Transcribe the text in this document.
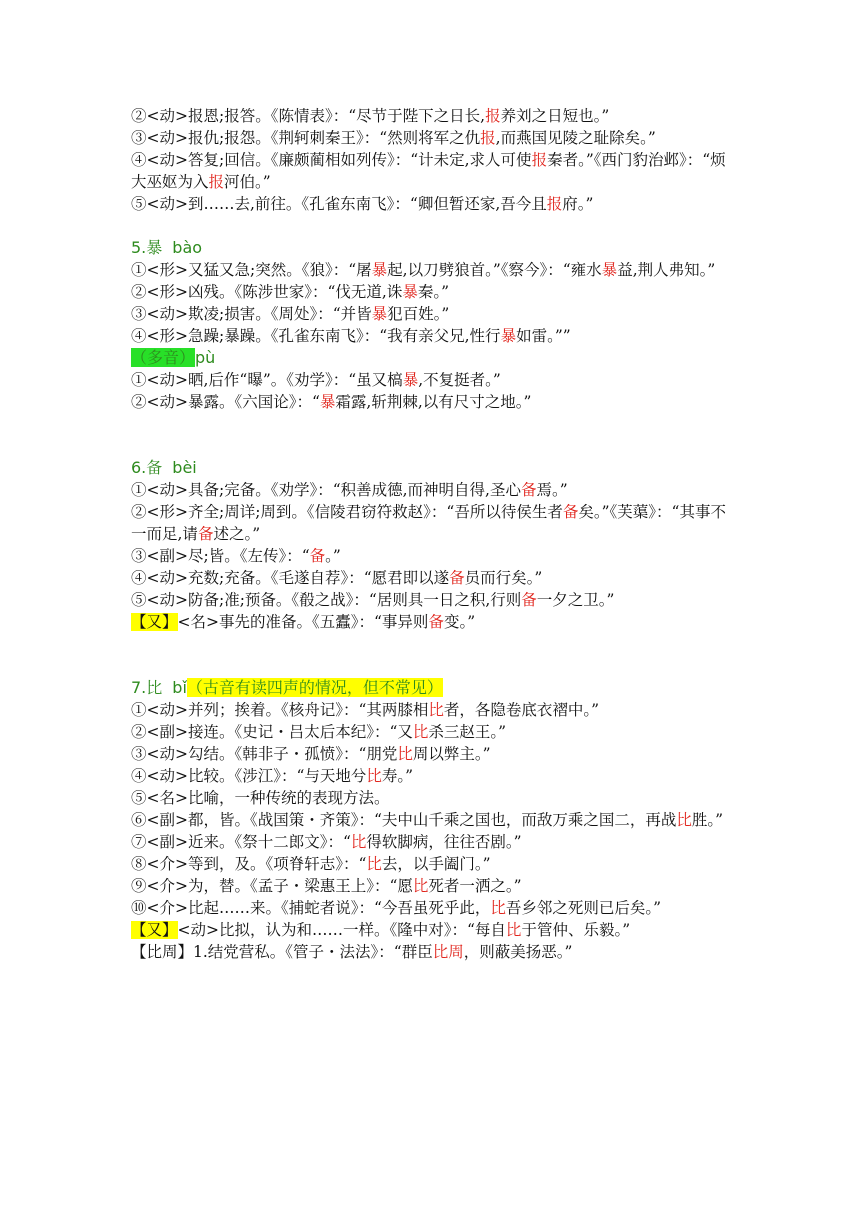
②<动>报恩;报答。《陈情表》：“尽节于陛下之日长,报养刘之日短也。”
③<动>报仇;报怨。《荆轲刺秦王》：“然则将军之仇报,而燕国见陵之耻除矣。”
④<动>答复;回信。《廉颇蔺相如列传》：“计未定,求人可使报秦者。”《西门豹治邺》：“烦大巫妪为入报河伯。”
⑤<动>到……去,前往。《孔雀东南飞》：“卿但暂还家,吾今且报府。”
5.暴 bào
①<形>又猛又急;突然。《狼》：“屠暴起,以刀劈狼首。”《察今》：“雍水暴益,荆人弗知。”
②<形>凶残。《陈涉世家》：“伐无道,诛暴秦。”
③<动>欺凌;损害。《周处》：“并皆暴犯百姓。”
④<形>急躁;暴躁。《孔雀东南飞》：“我有亲父兄,性行暴如雷。””
（多音）pù
①<动>晒,后作“曝”。《劝学》：“虽又槁暴,不复挺者。”
②<动>暴露。《六国论》：“暴霜露,斩荆棘,以有尺寸之地。”
6.备 bèi
①<动>具备;完备。《劝学》：“积善成德,而神明自得,圣心备焉。”
②<形>齐全;周详;周到。《信陵君窃符救赵》：“吾所以待侯生者备矣。”《芙蕖》：“其事不一而足,请备述之。”
③<副>尽;皆。《左传》：“备。”
④<动>充数;充备。《毛遂自荐》：“愿君即以遂备员而行矣。”
⑤<动>防备;准;预备。《殽之战》：“居则具一日之积,行则备一夕之卫。”
【又】<名>事先的准备。《五蠹》：“事异则备变。”
7.比 bǐ（古音有读四声的情况，但不常见）
①<动>并列；挨着。《核舟记》：“其两膝相比者，各隐卷底衣褶中。”
②<副>接连。《史记・吕太后本纪》：“又比杀三赵王。”
③<动>勾结。《韩非子・孤愤》：“朋党比周以弊主。”
④<动>比较。《涉江》：“与天地兮比寿。”
⑤<名>比喻，一种传统的表现方法。
⑥<副>都，皆。《战国策・齐策》：“夫中山千乘之国也，而敌万乘之国二，再战比胜。”
⑦<副>近来。《祭十二郎文》：“比得软脚病，往往否剧。”
⑧<介>等到，及。《项脊轩志》：“比去，以手阖门。”
⑨<介>为，替。《孟子・梁惠王上》：“愿比死者一洒之。”
⑩<介>比起……来。《捕蛇者说》：“今吾虽死乎此，比吾乡邻之死则已后矣。”
【又】<动>比拟，认为和……一样。《隆中对》：“每自比于管仲、乐毅。”
【比周】1.结党营私。《管子・法法》：“群臣比周，则蔽美扬恶。”
